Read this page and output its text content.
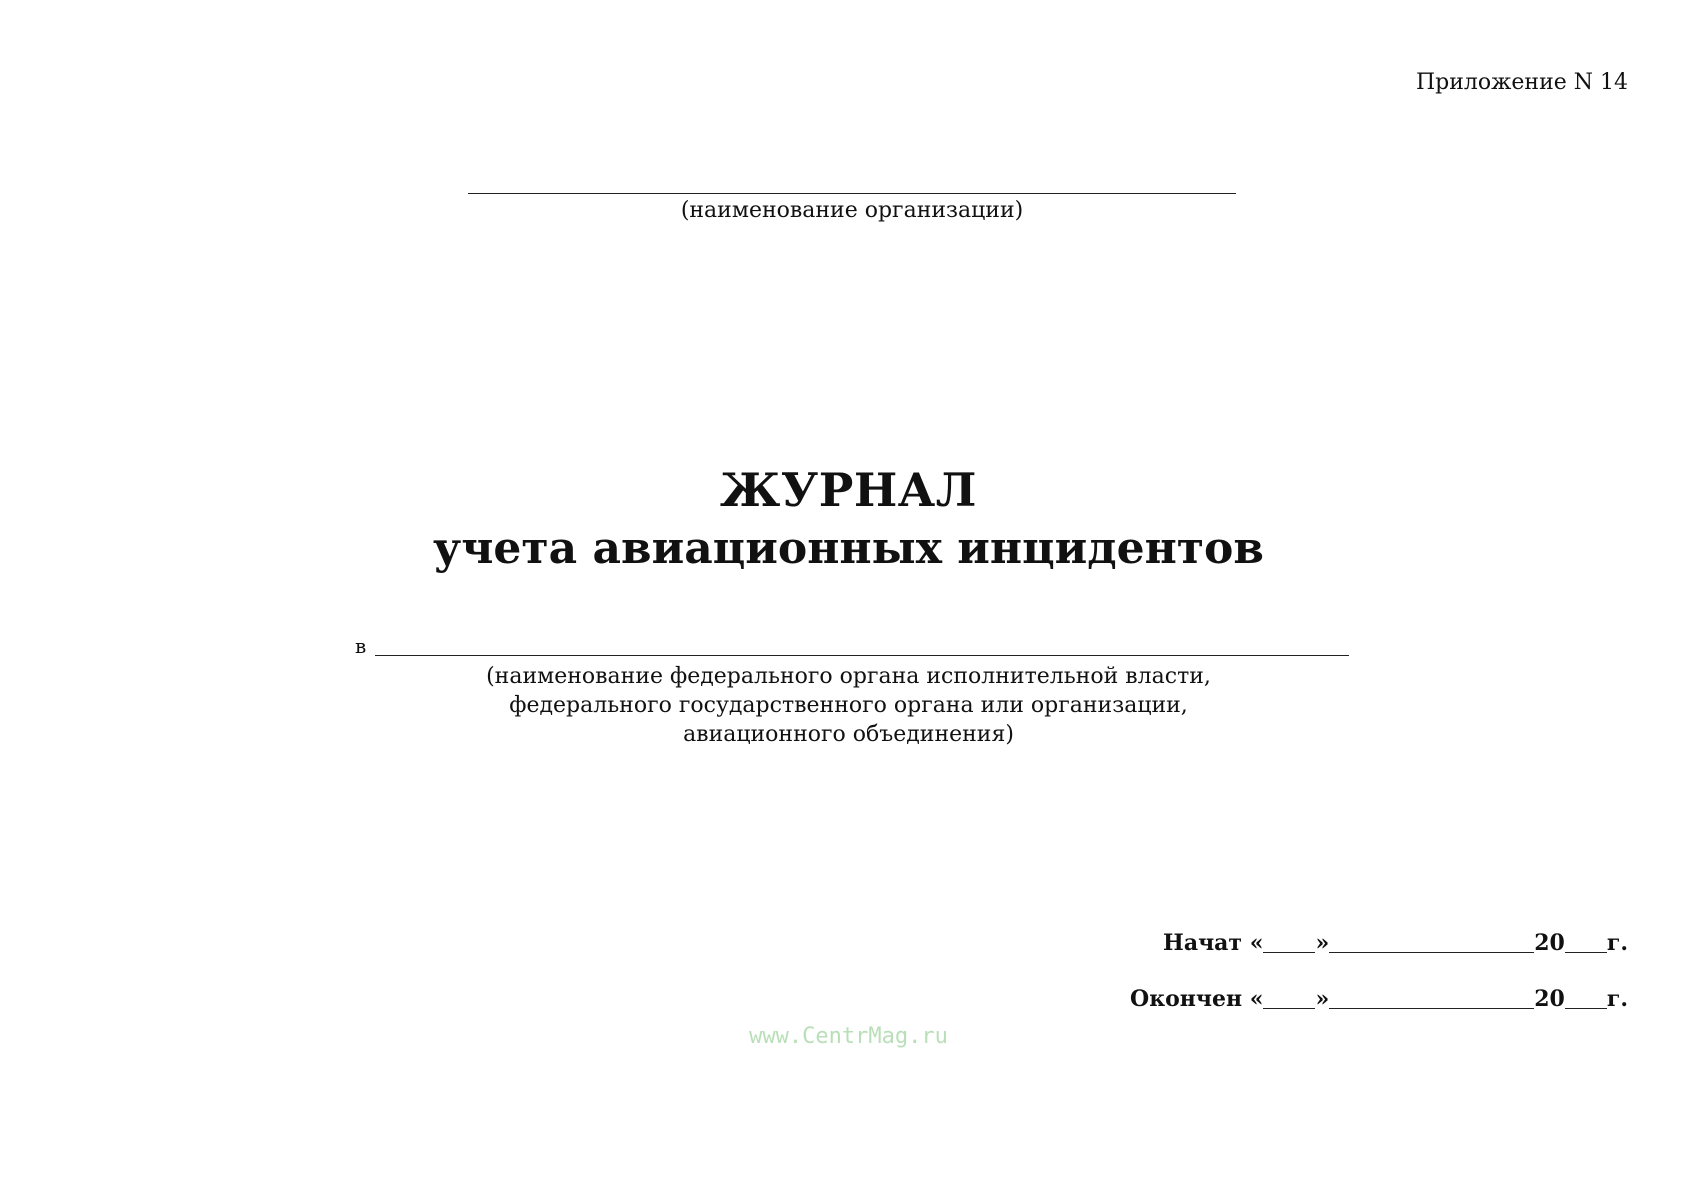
Приложение N 14
(наименование организации)
ЖУРНАЛ
учета авиационных инцидентов
в
(наименование федерального органа исполнительной власти,
федерального государственного органа или организации,
авиационного объединения)
Начат « »	20 г.
Окончен « »	20 г.
www.CentrMag.ru
